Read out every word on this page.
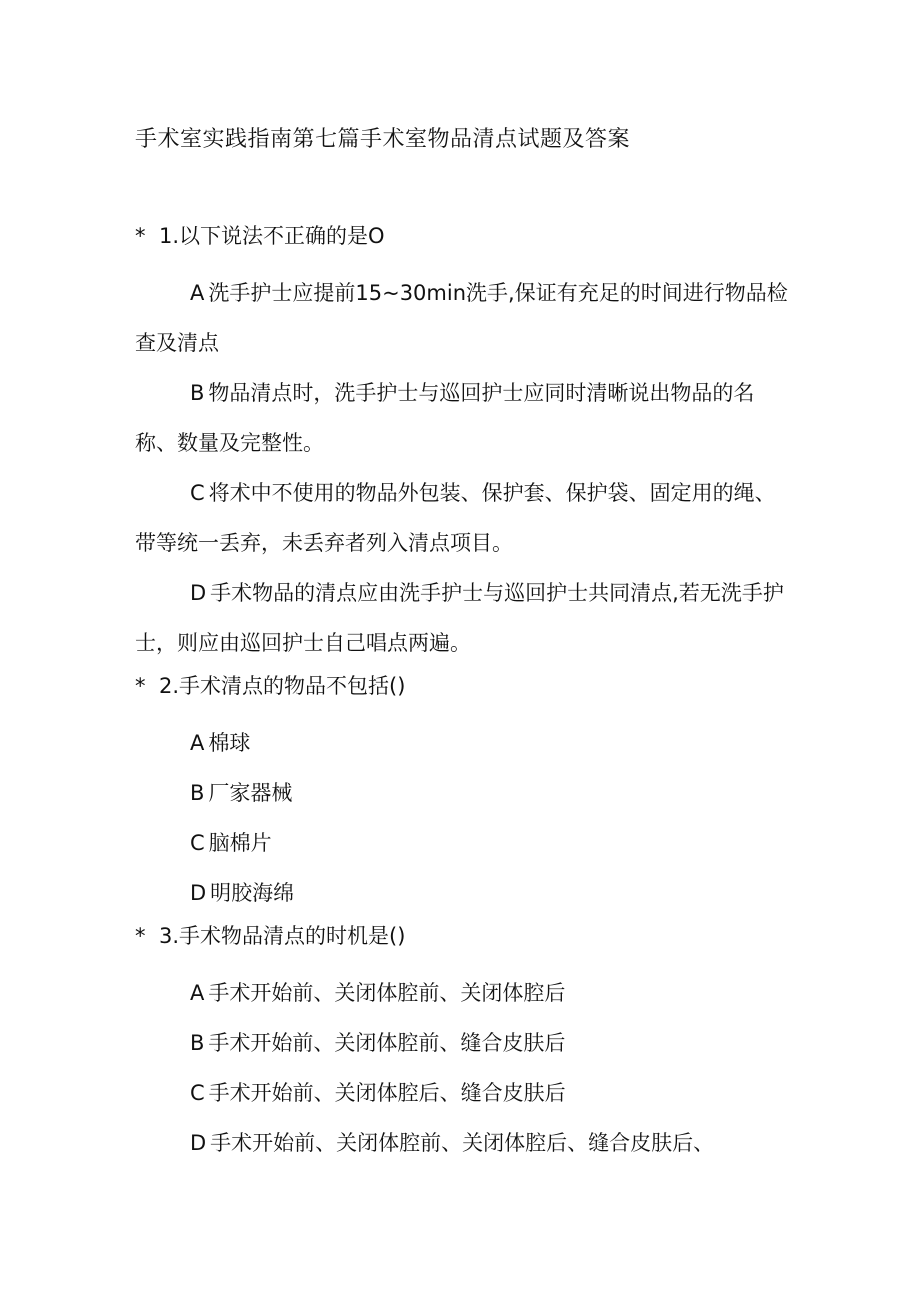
手术室实践指南第七篇手术室物品清点试题及答案
* 1.以下说法不正确的是O
A 洗手护士应提前15~30min洗手,保证有充足的时间进行物品检查及清点
B 物品清点时，洗手护士与巡回护士应同时清晰说出物品的名称、数量及完整性。
C 将术中不使用的物品外包装、保护套、保护袋、固定用的绳、带等统一丢弃，未丢弃者列入清点项目。
D 手术物品的清点应由洗手护士与巡回护士共同清点,若无洗手护士，则应由巡回护士自己唱点两遍。
* 2.手术清点的物品不包括()
A 棉球
B 厂家器械
C 脑棉片
D 明胶海绵
* 3.手术物品清点的时机是()
A 手术开始前、关闭体腔前、关闭体腔后
B 手术开始前、关闭体腔前、缝合皮肤后
C 手术开始前、关闭体腔后、缝合皮肤后
D 手术开始前、关闭体腔前、关闭体腔后、缝合皮肤后、
